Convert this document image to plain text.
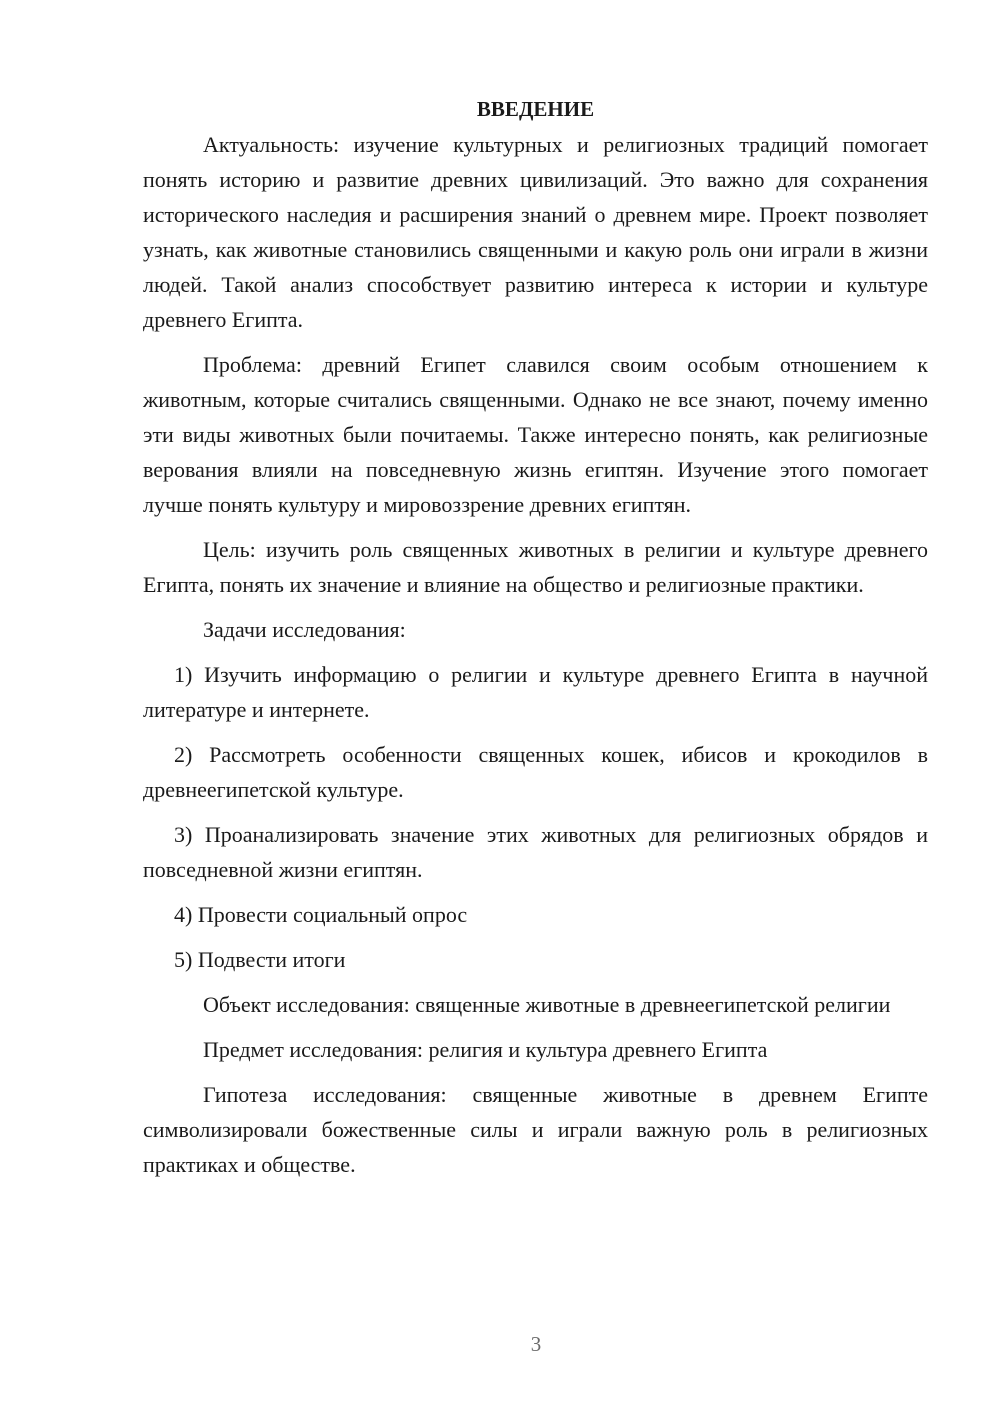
ВВЕДЕНИЕ

Актуальность: изучение культурных и религиозных традиций помогает понять историю и развитие древних цивилизаций. Это важно для сохранения исторического наследия и расширения знаний о древнем мире. Проект позволяет узнать, как животные становились священными и какую роль они играли в жизни людей. Такой анализ способствует развитию интереса к истории и культуре древнего Египта.

Проблема: древний Египет славился своим особым отношением к животным, которые считались священными. Однако не все знают, почему именно эти виды животных были почитаемы. Также интересно понять, как религиозные верования влияли на повседневную жизнь египтян. Изучение этого помогает лучше понять культуру и мировоззрение древних египтян.

Цель: изучить роль священных животных в религии и культуре древнего Египта, понять их значение и влияние на общество и религиозные практики.

Задачи исследования:

1) Изучить информацию о религии и культуре древнего Египта в научной литературе и интернете.

2) Рассмотреть особенности священных кошек, ибисов и крокодилов в древнеегипетской культуре.

3) Проанализировать значение этих животных для религиозных обрядов и повседневной жизни египтян.

4) Провести социальный опрос

5) Подвести итоги

Объект исследования: священные животные в древнеегипетской религии

Предмет исследования: религия и культура древнего Египта

Гипотеза исследования: священные животные в древнем Египте символизировали божественные силы и играли важную роль в религиозных практиках и обществе.

3
